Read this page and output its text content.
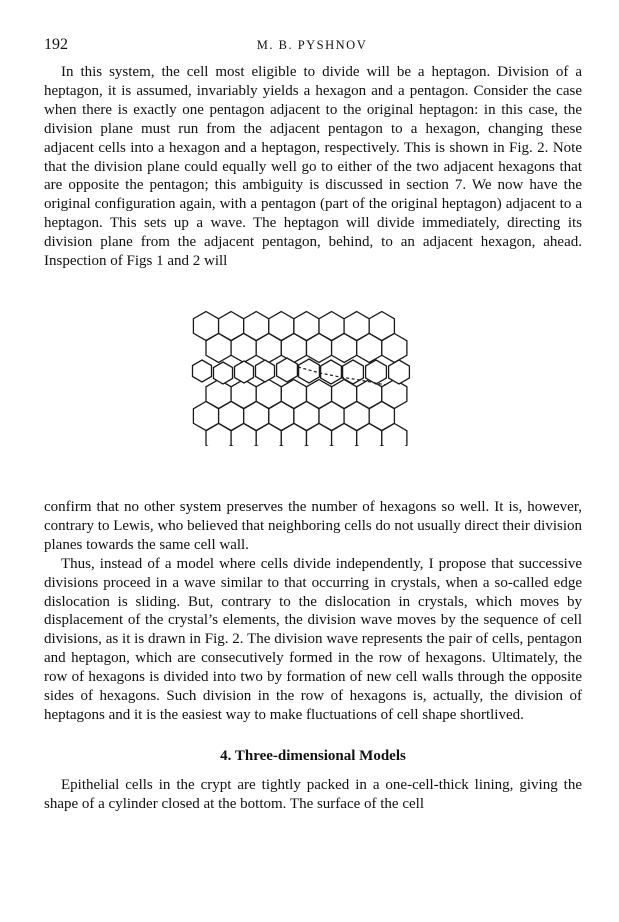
192	M. B. PYSHNOV

In this system, the cell most eligible to divide will be a heptagon. Division of a heptagon, it is assumed, invariably yields a hexagon and a pentagon. Consider the case when there is exactly one pentagon adjacent to the original heptagon: in this case, the division plane must run from the adjacent pentagon to a hexagon, changing these adjacent cells into a hexagon and a heptagon, respectively. This is shown in Fig. 2. Note that the division plane could equally well go to either of the two adjacent hexagons that are opposite the pentagon; this ambiguity is discussed in section 7. We now have the original configuration again, with a pentagon (part of the original heptagon) adjacent to a heptagon. This sets up a wave. The heptagon will divide immediately, directing its division plane from the adjacent pentagon, behind, to an adjacent hexagon, ahead. Inspection of Figs 1 and 2 will

confirm that no other system preserves the number of hexagons so well. It is, however, contrary to Lewis, who believed that neighboring cells do not usually direct their division planes towards the same cell wall.

Thus, instead of a model where cells divide independently, I propose that successive divisions proceed in a wave similar to that occurring in crystals, when a so-called edge dislocation is sliding. But, contrary to the dislocation in crystals, which moves by displacement of the crystal’s elements, the division wave moves by the sequence of cell divisions, as it is drawn in Fig. 2. The division wave represents the pair of cells, pentagon and heptagon, which are consecutively formed in the row of hexagons. Ultimately, the row of hexagons is divided into two by formation of new cell walls through the opposite sides of hexagons. Such division in the row of hexagons is, actually, the division of heptagons and it is the easiest way to make fluctuations of cell shape shortlived.

4. Three-dimensional Models

Epithelial cells in the crypt are tightly packed in a one-cell-thick lining, giving the shape of a cylinder closed at the bottom. The surface of the cell
